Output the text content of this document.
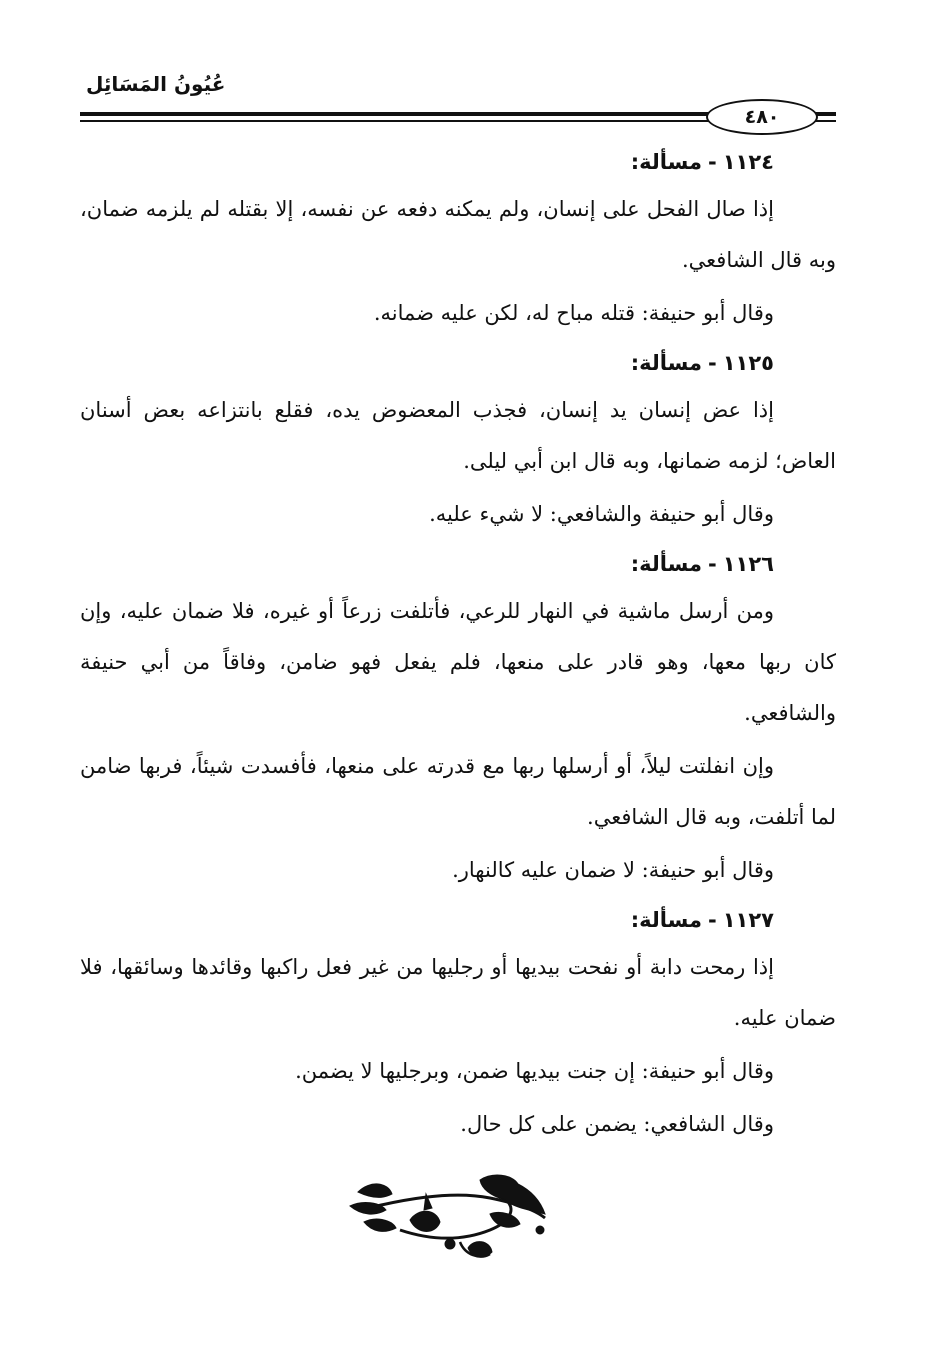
عُيُونُ المَسَائِل
٤٨٠
١١٢٤
-
مسألة:

إذا صال الفحل على إنسان، ولم يمكنه دفعه عن نفسه، إلا بقتله لم يلزمه ضمان، وبه قال الشافعي.

وقال أبو حنيفة: قتله مباح له، لكن عليه ضمانه.

١١٢٥
-
مسألة:

إذا عض إنسان يد إنسان، فجذب المعضوض يده، فقلع بانتزاعه بعض أسنان العاض؛ لزمه ضمانها، وبه قال ابن أبي ليلى.

وقال أبو حنيفة والشافعي: لا شيء عليه.

١١٢٦
-
مسألة:

ومن أرسل ماشية في النهار للرعي، فأتلفت زرعاً أو غيره، فلا ضمان عليه، وإن كان ربها معها، وهو قادر على منعها، فلم يفعل فهو ضامن، وفاقاً من أبي حنيفة والشافعي.

وإن انفلتت ليلاً، أو أرسلها ربها مع قدرته على منعها، فأفسدت شيئاً، فربها ضامن لما أتلفت، وبه قال الشافعي.

وقال أبو حنيفة: لا ضمان عليه كالنهار.

١١٢٧
-
مسألة:

إذا رمحت دابة أو نفحت بيديها أو رجليها من غير فعل راكبها وقائدها وسائقها، فلا ضمان عليه.

وقال أبو حنيفة: إن جنت بيديها ضمن، وبرجليها لا يضمن.

وقال الشافعي: يضمن على كل حال.
